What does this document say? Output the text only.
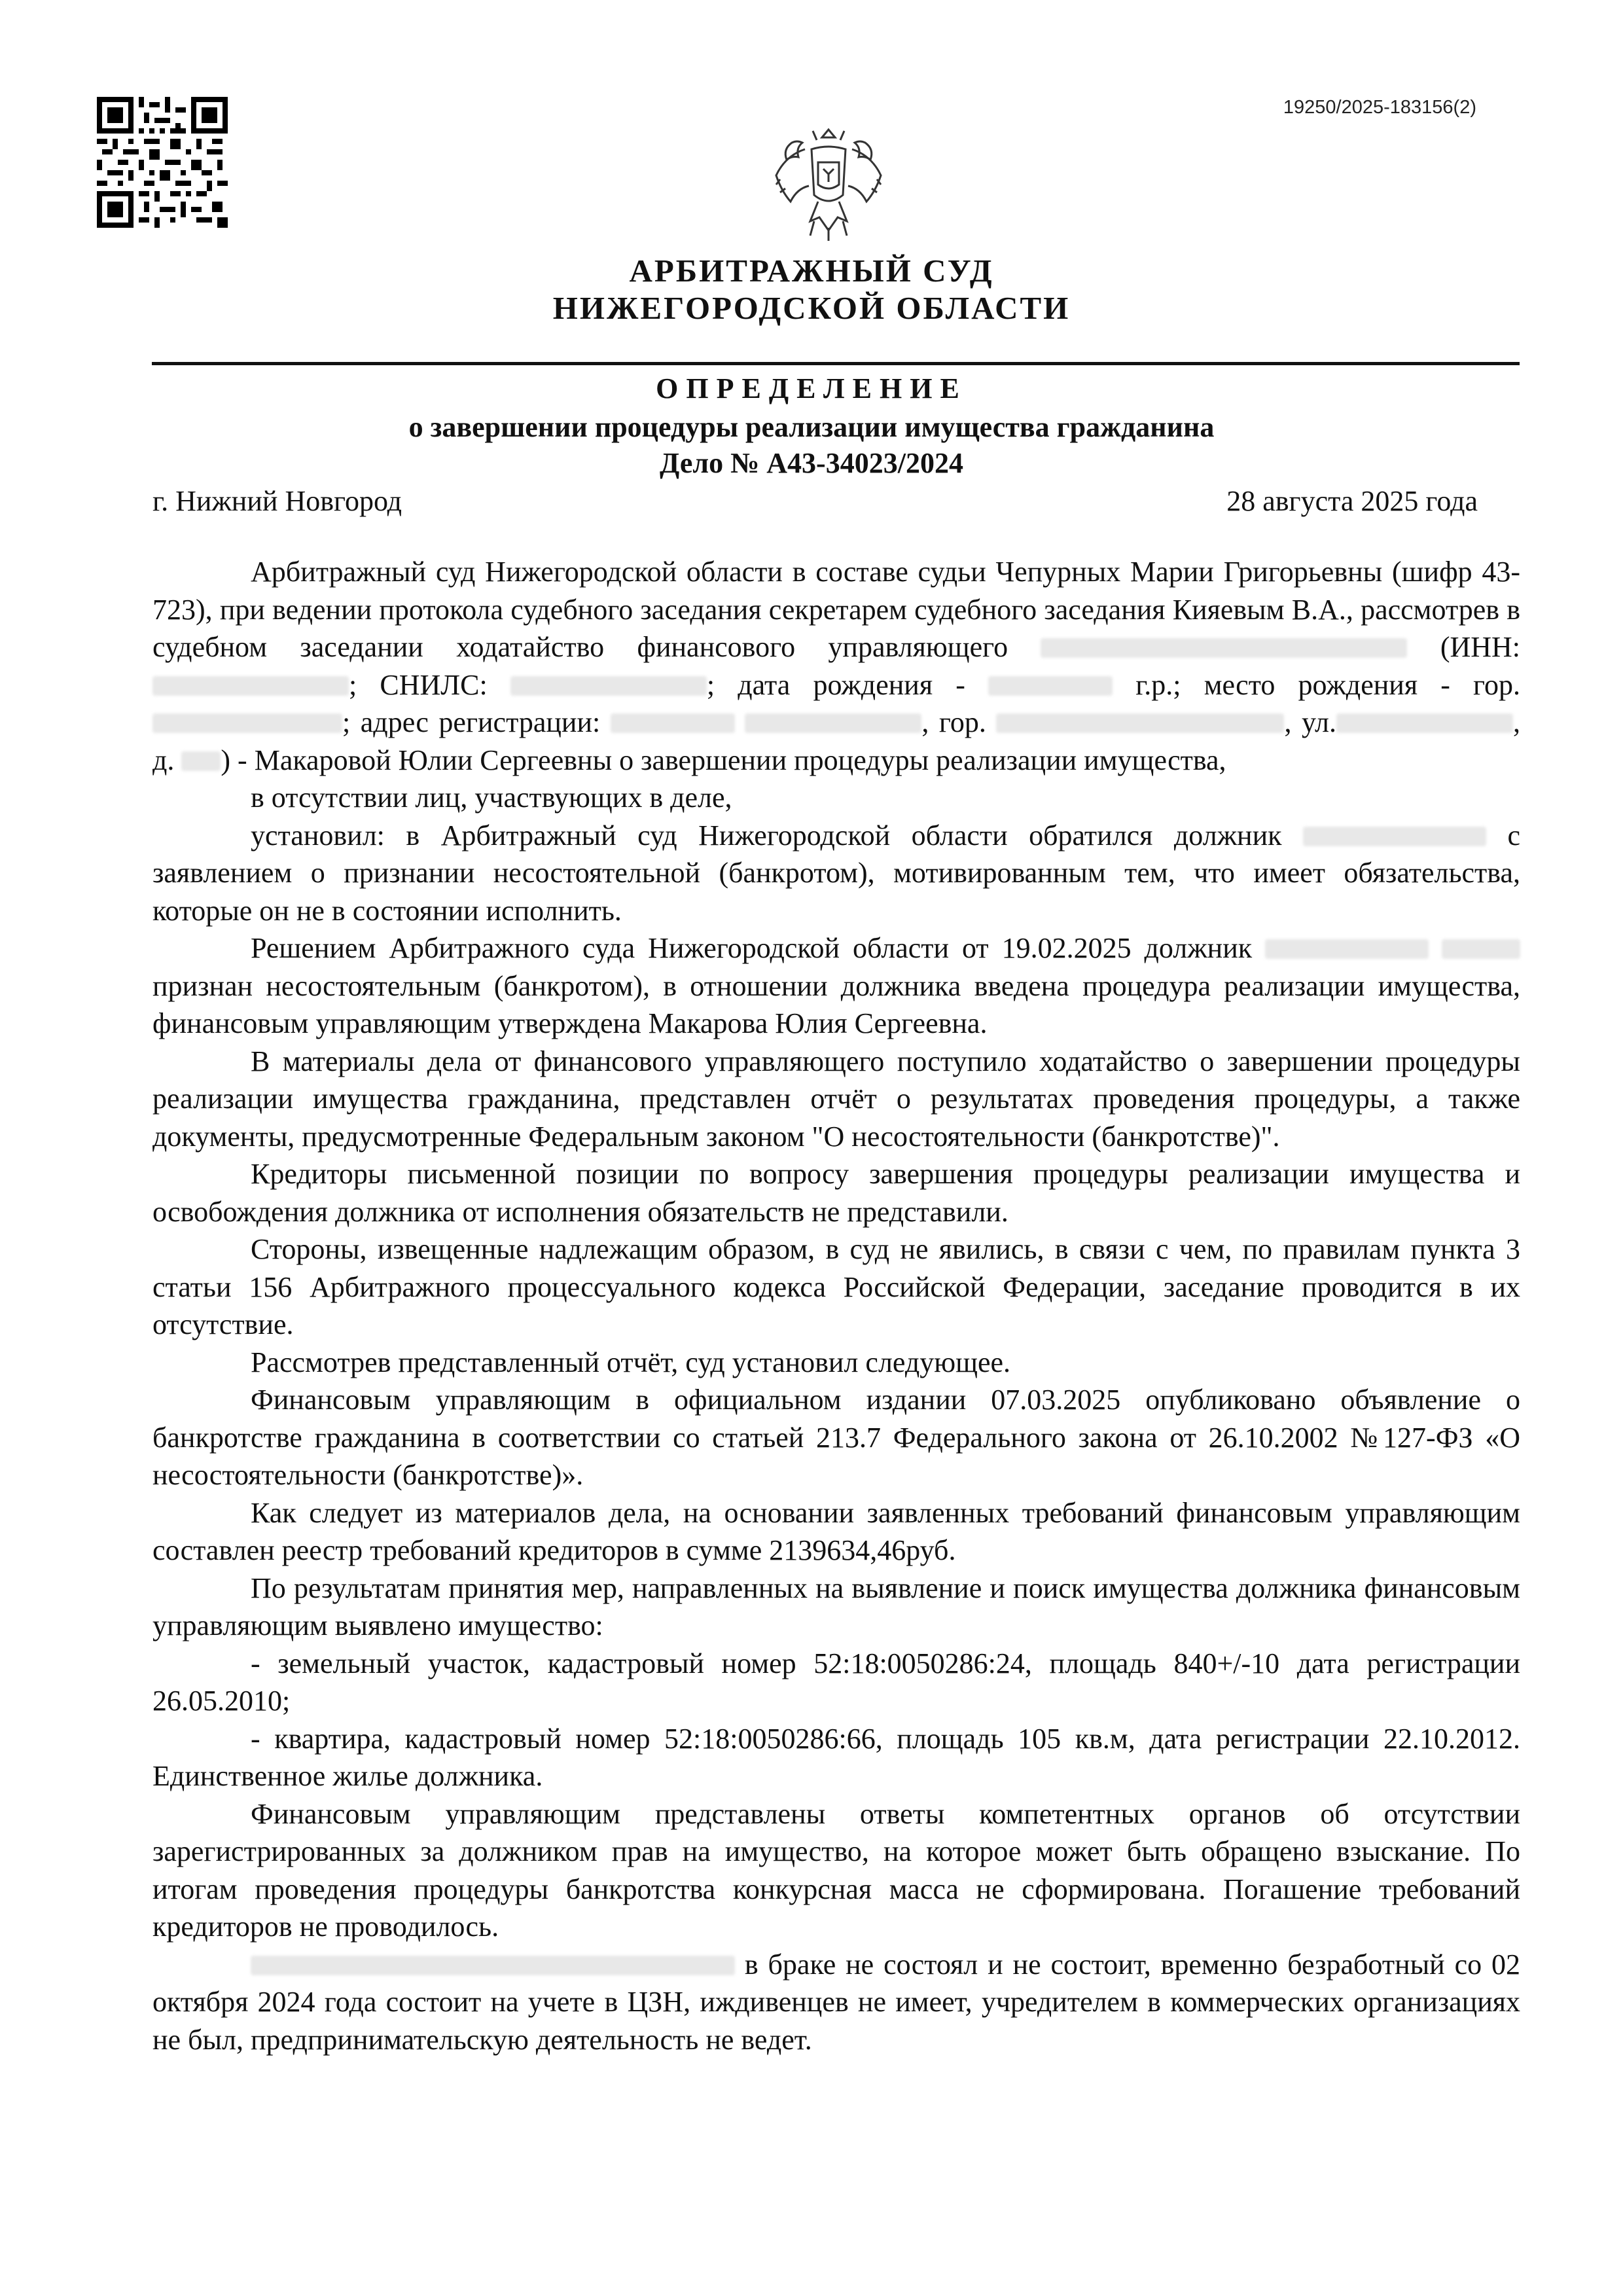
19250/2025-183156(2)
АРБИТРАЖНЫЙ СУД
НИЖЕГОРОДСКОЙ ОБЛАСТИ
ОПРЕДЕЛЕНИЕ
о завершении процедуры реализации имущества гражданина
Дело № А43-34023/2024
г. Нижний Новгород	28 августа 2025 года

Арбитражный суд Нижегородской области в составе судьи Чепурных Марии Григорьевны (шифр 43-723), при ведении протокола судебного заседания секретарем судебного заседания Кияевым В.А., рассмотрев в судебном заседании ходатайство финансового управляющего	(ИНН: ; СНИЛС:	; дата рождения -	г.р.; место рождения - гор.; адрес регистрации:	, гор.	, ул.	, д. ) - Макаровой Юлии Сергеевны о завершении процедуры реализации имущества,

в отсутствии лиц, участвующих в деле,

установил: в Арбитражный суд Нижегородской области обратился должник	с заявлением о признании несостоятельной (банкротом), мотивированным тем, что имеет обязательства, которые он не в состоянии исполнить.

Решением Арбитражного суда Нижегородской области от 19.02.2025 должник   признан несостоятельным (банкротом), в отношении должника введена процедура реализации имущества, финансовым управляющим утверждена Макарова Юлия Сергеевна.

В материалы дела от финансового управляющего поступило ходатайство о завершении процедуры реализации имущества гражданина, представлен отчёт о результатах проведения процедуры, а также документы, предусмотренные Федеральным законом "О несостоятельности (банкротстве)".

Кредиторы письменной позиции по вопросу завершения процедуры реализации имущества и освобождения должника от исполнения обязательств не представили.

Стороны, извещенные надлежащим образом, в суд не явились, в связи с чем, по правилам пункта 3 статьи 156 Арбитражного процессуального кодекса Российской Федерации, заседание проводится в их отсутствие.

Рассмотрев представленный отчёт, суд установил следующее.

Финансовым управляющим в официальном издании 07.03.2025 опубликовано объявление о банкротстве гражданина в соответствии со статьей 213.7 Федерального закона от 26.10.2002 №127-ФЗ «О несостоятельности (банкротстве)».

Как следует из материалов дела, на основании заявленных требований финансовым управляющим составлен реестр требований кредиторов в сумме 2139634,46руб.

По результатам принятия мер, направленных на выявление и поиск имущества должника финансовым управляющим выявлено имущество:

- земельный участок, кадастровый номер 52:18:0050286:24, площадь 840+/-10 дата регистрации 26.05.2010;

- квартира, кадастровый номер 52:18:0050286:66, площадь 105 кв.м, дата регистрации 22.10.2012. Единственное жилье должника.

Финансовым управляющим представлены ответы компетентных органов об отсутствии зарегистрированных за должником прав на имущество, на которое может быть обращено взыскание. По итогам проведения процедуры банкротства конкурсная масса не сформирована. Погашение требований кредиторов не проводилось.

в браке не состоял и не состоит, временно безработный со 02 октября 2024 года состоит на учете в ЦЗН, иждивенцев не имеет, учредителем в коммерческих организациях не был, предпринимательскую деятельность не ведет.
